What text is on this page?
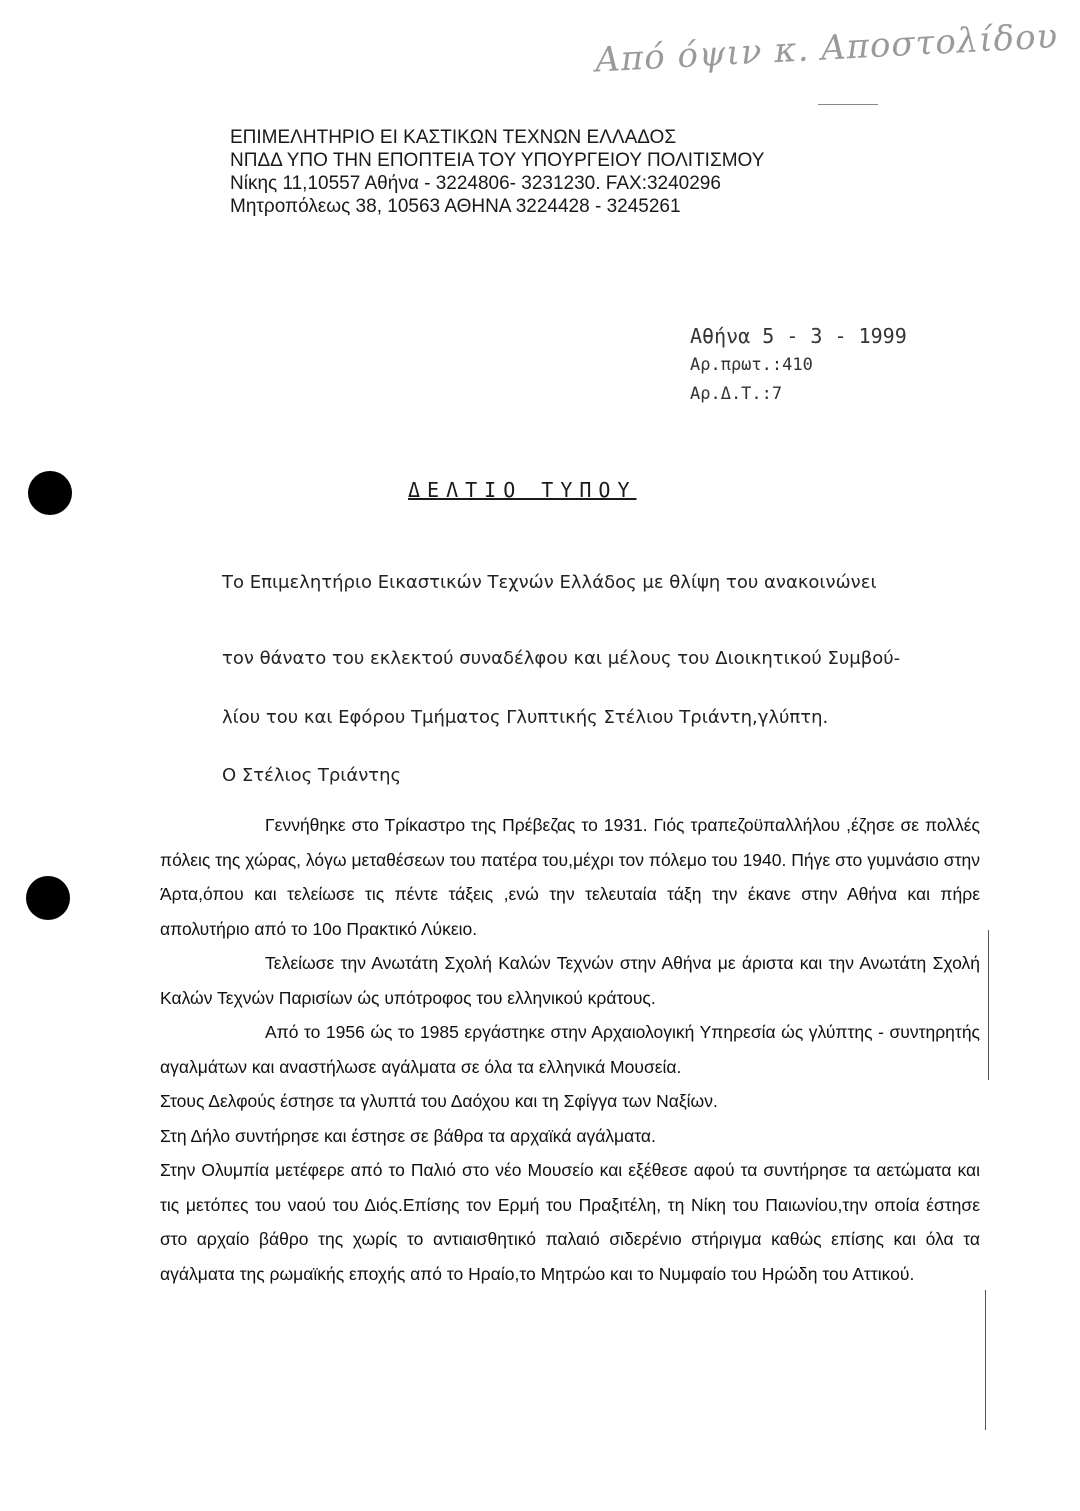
Από όψιν κ. Αποστολίδου
ΕΠΙΜΕΛΗΤΗΡΙΟ ΕΙ ΚΑΣΤΙΚΩΝ ΤΕΧΝΩΝ ΕΛΛΑΔΟΣ
ΝΠΔΔ ΥΠΟ ΤΗΝ ΕΠΟΠΤΕΙΑ ΤΟΥ ΥΠΟΥΡΓΕΙΟΥ ΠΟΛΙΤΙΣΜΟΥ
Νίκης 11,10557 Αθήνα - 3224806- 3231230. FAX:3240296
Μητροπόλεως 38, 10563 ΑΘΗΝΑ 3224428 - 3245261
Αθήνα 5 - 3 - 1999
Αρ.πρωτ.:410
Αρ.Δ.Τ.:7
ΔΕΛΤΙΟ ΤΥΠΟΥ
Το Επιμελητήριο Εικαστικών Τεχνών Ελλάδος με θλίψη του ανακοινώνει
τον θάνατο του εκλεκτού συναδέλφου και μέλους του Διοικητικού Συμβού-
λίου του και Εφόρου Τμήματος Γλυπτικής Στέλιου Τριάντη,γλύπτη.
Ο Στέλιος Τριάντης

Γεννήθηκε στο Τρίκαστρο της Πρέβεζας το 1931. Γιός τραπεζοϋπαλλήλου ,έζησε σε πολλές πόλεις της χώρας, λόγω μεταθέσεων του πατέρα του,μέχρι τον πόλεμο του 1940. Πήγε στο γυμνάσιο στην Άρτα,όπου και τελείωσε τις πέντε τάξεις ,ενώ την τελευταία τάξη την έκανε στην Αθήνα και πήρε απολυτήριο από το 10ο Πρακτικό Λύκειο.

Τελείωσε την Ανωτάτη Σχολή Καλών Τεχνών στην Αθήνα με άριστα και την Ανωτάτη Σχολή Καλών Τεχνών Παρισίων ώς υπότροφος του ελληνικού κράτους.

Από το 1956 ώς το 1985 εργάστηκε στην Αρχαιολογική Υπηρεσία ώς γλύπτης - συντηρητής αγαλμάτων και αναστήλωσε αγάλματα σε όλα τα ελληνικά Μουσεία.

Στους Δελφούς έστησε τα γλυπτά του Δαόχου και τη Σφίγγα των Ναξίων.

Στη Δήλο συντήρησε και έστησε σε βάθρα τα αρχαϊκά αγάλματα.

Στην Ολυμπία μετέφερε από το Παλιό στο νέο Μουσείο και εξέθεσε αφού τα συντήρησε τα αετώματα και τις μετόπες του ναού του Διός.Επίσης τον Ερμή του Πραξιτέλη, τη Νίκη του Παιωνίου,την οποία έστησε στο αρχαίο βάθρο της χωρίς το αντιαισθητικό παλαιό σιδερένιο στήριγμα καθώς επίσης και όλα τα αγάλματα της ρωμαϊκής εποχής από το Ηραίο,το Μητρώο και το Νυμφαίο του Ηρώδη του Αττικού.
